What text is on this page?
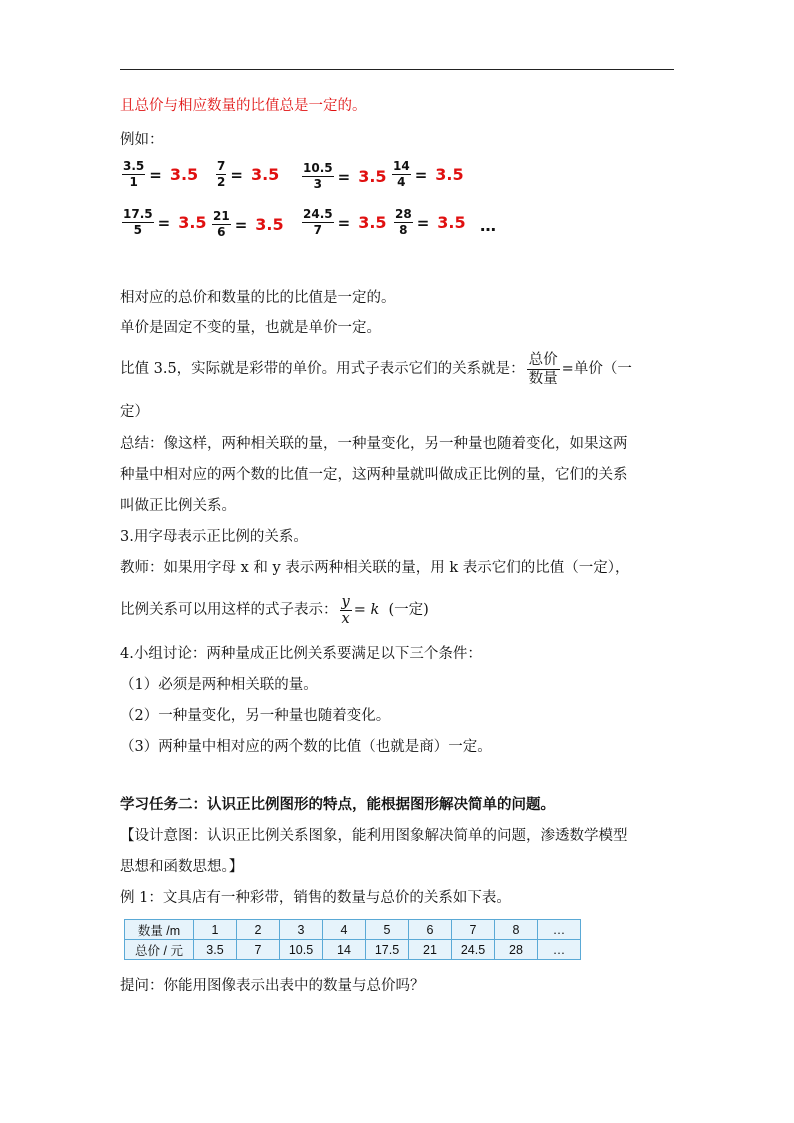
且总价与相应数量的比值总是一定的。
例如：
$\frac{3.5}{1} = 3.5 \frac{7}{2} = 3.5 \frac{10.5}{3} = 3.5 \frac{14}{4} = 3.5$
$\frac{17.5}{5} = 3.5 \frac{21}{6} = 3.5 \frac{24.5}{7} = 3.5 \frac{28}{8} = 3.5$ …
相对应的总价和数量的比的比值是一定的。
单价是固定不变的量，也就是单价一定。
比值 3.5，实际就是彩带的单价。用式子表示它们的关系就是：
总价
数量
=单价（一
定）
总结：像这样，两种相关联的量，一种量变化，另一种量也随着变化，如果这两
种量中相对应的两个数的比值一定，这两种量就叫做成正比例的量，它们的关系
叫做正比例关系。
3.用字母表示正比例的关系。
教师：如果用字母 x 和 y 表示两种相关联的量，用 k 表示它们的比值（一定），
比例关系可以用这样的式子表示： $\frac{y}{x} = k$ (一定)
4.小组讨论：两种量成正比例关系要满足以下三个条件：
（1）必须是两种相关联的量。
（2）一种量变化，另一种量也随着变化。
（3）两种量中相对应的两个数的比值（也就是商）一定。
学习任务二：认识正比例图形的特点，能根据图形解决简单的问题。
【设计意图：认识正比例关系图象，能利用图象解决简单的问题，渗透数学模型
思想和函数思想。】
例 1：文具店有一种彩带，销售的数量与总价的关系如下表。
数量 /m	1	2	3	4	5	6	7	8	…
总价 / 元	3.5	7	10.5	14	17.5	21	24.5	28	…
提问：你能用图像表示出表中的数量与总价吗？
